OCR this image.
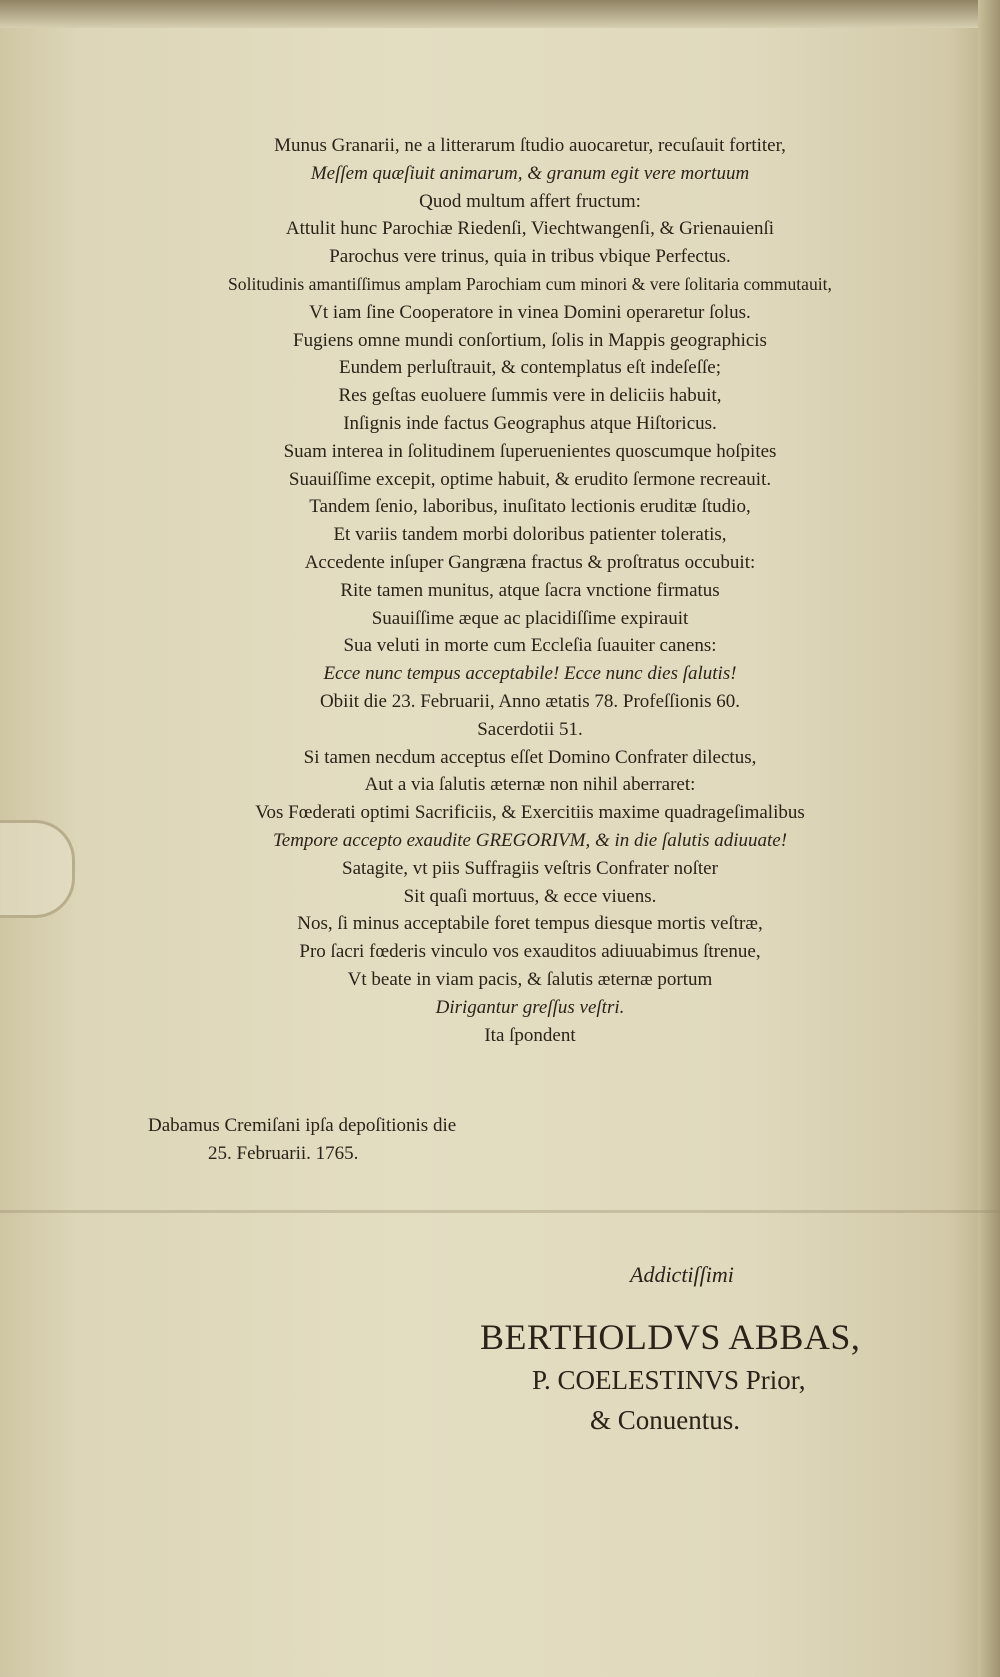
Munus Granarii, ne a litterarum ſtudio auocaretur, recuſauit fortiter,
Meſſem quæſiuit animarum, & granum egit vere mortuum
Quod multum affert fructum:
Attulit hunc Parochiæ Riedenſi, Viechtwangenſi, & Grienauienſi
Parochus vere trinus, quia in tribus vbique Perfectus.
Solitudinis amantiſſimus amplam Parochiam cum minori & vere ſolitaria commutauit,
Vt iam ſine Cooperatore in vinea Domini operaretur ſolus.
Fugiens omne mundi conſortium, ſolis in Mappis geographicis
Eundem perluſtrauit, & contemplatus eſt indeſeſſe;
Res geſtas euoluere ſummis vere in deliciis habuit,
Inſignis inde factus Geographus atque Hiſtoricus.
Suam interea in ſolitudinem ſuperuenientes quoscumque hoſpites
Suauiſſime excepit, optime habuit, & erudito ſermone recreauit.
Tandem ſenio, laboribus, inuſitato lectionis eruditæ ſtudio,
Et variis tandem morbi doloribus patienter toleratis,
Accedente inſuper Gangræna fractus & proſtratus occubuit:
Rite tamen munitus, atque ſacra vnctione firmatus
Suauiſſime æque ac placidiſſime expirauit
Sua veluti in morte cum Eccleſia ſuauiter canens:
Ecce nunc tempus acceptabile! Ecce nunc dies ſalutis!
Obiit die 23. Februarii, Anno ætatis 78. Profeſſionis 60.
Sacerdotii 51.
Si tamen necdum acceptus eſſet Domino Confrater dilectus,
Aut a via ſalutis æternæ non nihil aberraret:
Vos Fœderati optimi Sacrificiis, & Exercitiis maxime quadrageſimalibus
Tempore accepto exaudite GREGORIVM, & in die ſalutis adiuuate!
Satagite, vt piis Suffragiis veſtris Confrater noſter
Sit quaſi mortuus, & ecce viuens.
Nos, ſi minus acceptabile foret tempus diesque mortis veſtræ,
Pro ſacri fœderis vinculo vos exauditos adiuuabimus ſtrenue,
Vt beate in viam pacis, & ſalutis æternæ portum
Dirigantur greſſus veſtri.
Ita ſpondent
Dabamus Cremiſani ipſa depoſitionis die
25. Februarii. 1765.
Addictiſſimi
BERTHOLDVS ABBAS,
P. COELESTINVS Prior,
& Conuentus.
